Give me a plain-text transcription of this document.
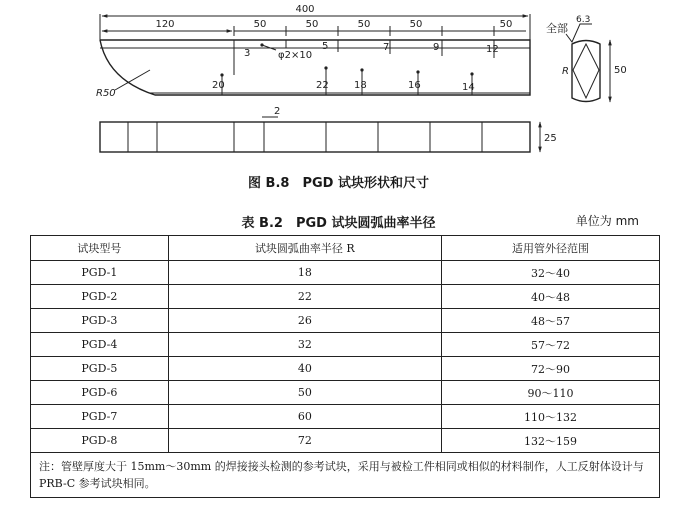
400
120	50	50	50	50	50
R50
φ2×10
3
5	7	9	12
20	22	18	16	14
2
25
50
R
全部
6.3
图 B.8　PGD 试块形状和尺寸
表 B.2　PGD 试块圆弧曲率半径	单位为 mm
试块型号	试块圆弧曲率半径 R	适用管外径范围
PGD-1	18	32～40
PGD-2	22	40～48
PGD-3	26	48～57
PGD-4	32	57～72
PGD-5	40	72～90
PGD-6	50	90～110
PGD-7	60	110～132
PGD-8	72	132～159
注：管壁厚度大于 15mm～30mm 的焊接接头检测的参考试块，采用与被检工件相同或相似的材料制作，人工反射体设计与 PRB-C 参考试块相同。		
